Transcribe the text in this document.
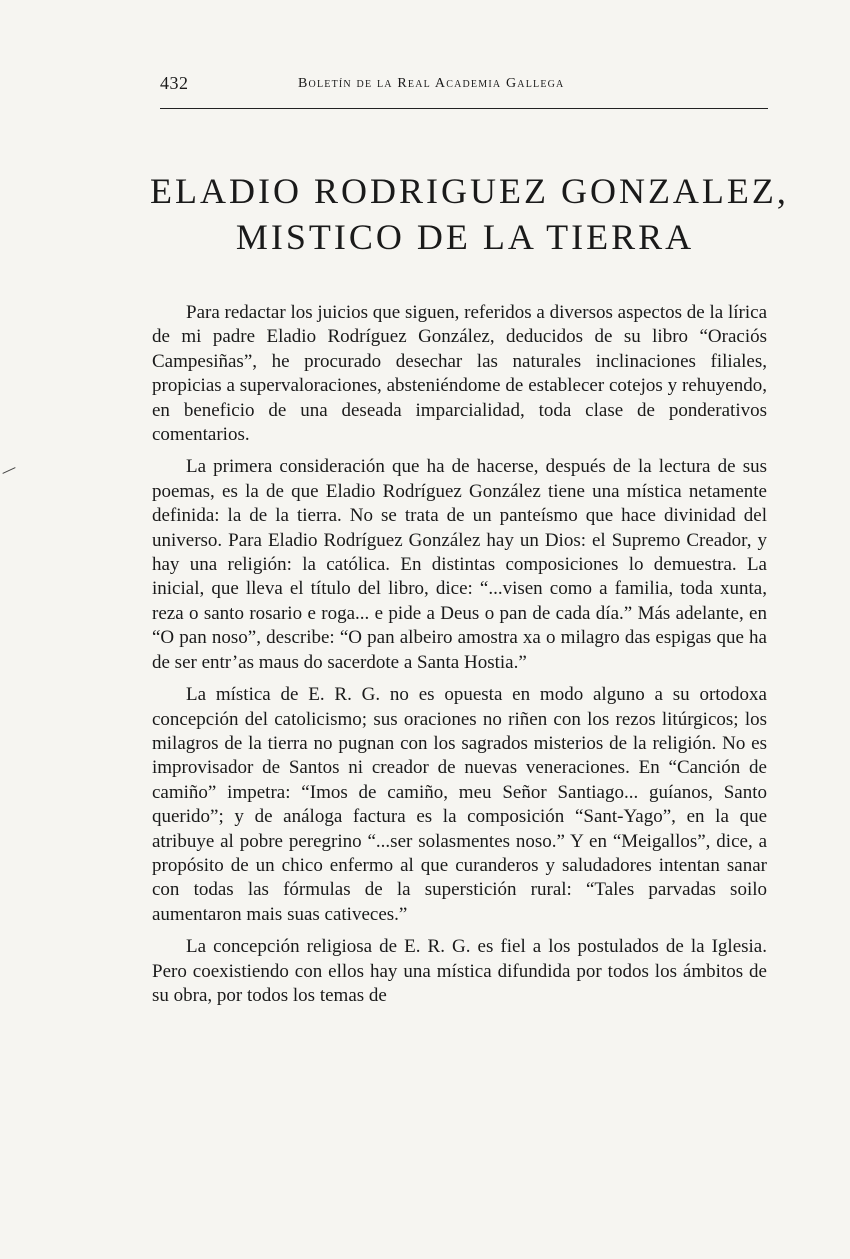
432	Boletín de la Real Academia Gallega
ELADIO RODRIGUEZ GONZALEZ,
MISTICO DE LA TIERRA

Para redactar los juicios que siguen, referidos a diversos aspectos de la lírica de mi padre Eladio Rodríguez González, deducidos de su libro “Oraciós Campesiñas”, he procurado desechar las naturales inclinaciones filiales, propicias a supervaloraciones, absteniéndome de establecer cotejos y rehuyendo, en beneficio de una deseada imparcialidad, toda clase de ponderativos comentarios.

La primera consideración que ha de hacerse, después de la lectura de sus poemas, es la de que Eladio Rodríguez González tiene una mística netamente definida: la de la tierra. No se trata de un panteísmo que hace divinidad del universo. Para Eladio Rodríguez González hay un Dios: el Supremo Creador, y hay una religión: la católica. En distintas composiciones lo demuestra. La inicial, que lleva el título del libro, dice: “...visen como a familia, toda xunta, reza o santo rosario e roga... e pide a Deus o pan de cada día.” Más adelante, en “O pan noso”, describe: “O pan albeiro amostra xa o milagro das espigas que ha de ser entr’as maus do sacerdote a Santa Hostia.”

La mística de E. R. G. no es opuesta en modo alguno a su ortodoxa concepción del catolicismo; sus oraciones no riñen con los rezos litúrgicos; los milagros de la tierra no pugnan con los sagrados misterios de la religión. No es improvisador de Santos ni creador de nuevas veneraciones. En “Canción de camiño” impetra: “Imos de camiño, meu Señor Santiago... guíanos, Santo querido”; y de análoga factura es la composición “Sant-Yago”, en la que atribuye al pobre peregrino “...ser solasmentes noso.” Y en “Meigallos”, dice, a propósito de un chico enfermo al que curanderos y saludadores intentan sanar con todas las fórmulas de la superstición rural: “Tales parvadas soilo aumentaron mais suas cativeces.”

La concepción religiosa de E. R. G. es fiel a los postulados de la Iglesia. Pero coexistiendo con ellos hay una mística difundida por todos los ámbitos de su obra, por todos los temas de
